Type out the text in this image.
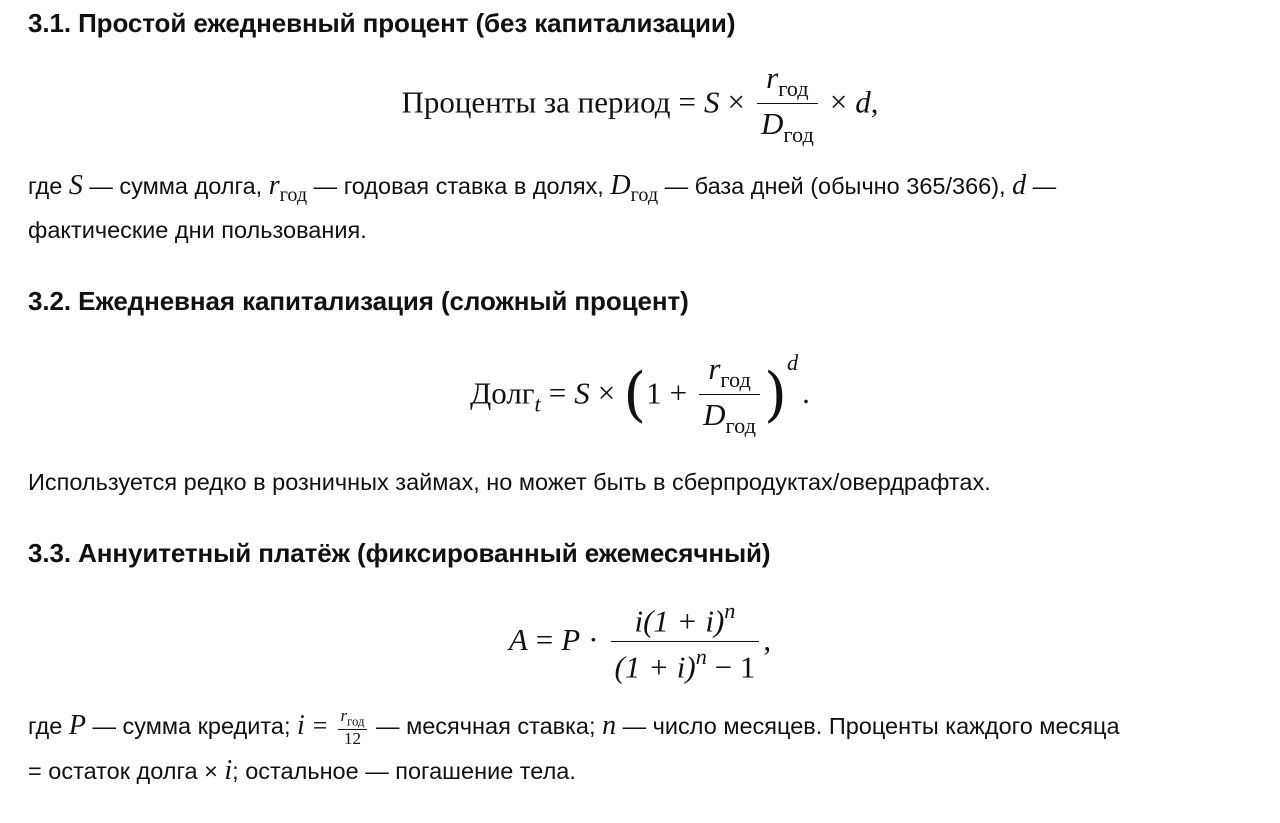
3.1. Простой ежедневный процент (без капитализации)
Проценты за период = $S \times \frac{r_{год}}{D_{год}} \times d$,

где S — сумма долга, $r_{год}$ — годовая ставка в долях, $D_{год}$ — база дней (обычно 365/366), d —

фактические дни пользования.

3.2. Ежедневная капитализация (сложный процент)
Долг$_t$ = $S \times (1 + \frac{r_{год}}{D_{год}} )^d$.

Используется редко в розничных займах, но может быть в сберпродуктах/овердрафтах.

3.3. Аннуитетный платёж (фиксированный ежемесячный)
$A = P \cdot \frac{i(1 + i)^n}{(1 + i)^n - 1}$ ,

где P — сумма кредита; $i = \frac{r_{год}}{12}$ — месячная ставка; n — число месяцев. Проценты каждого месяца

= остаток долга × i; остальное — погашение тела.
